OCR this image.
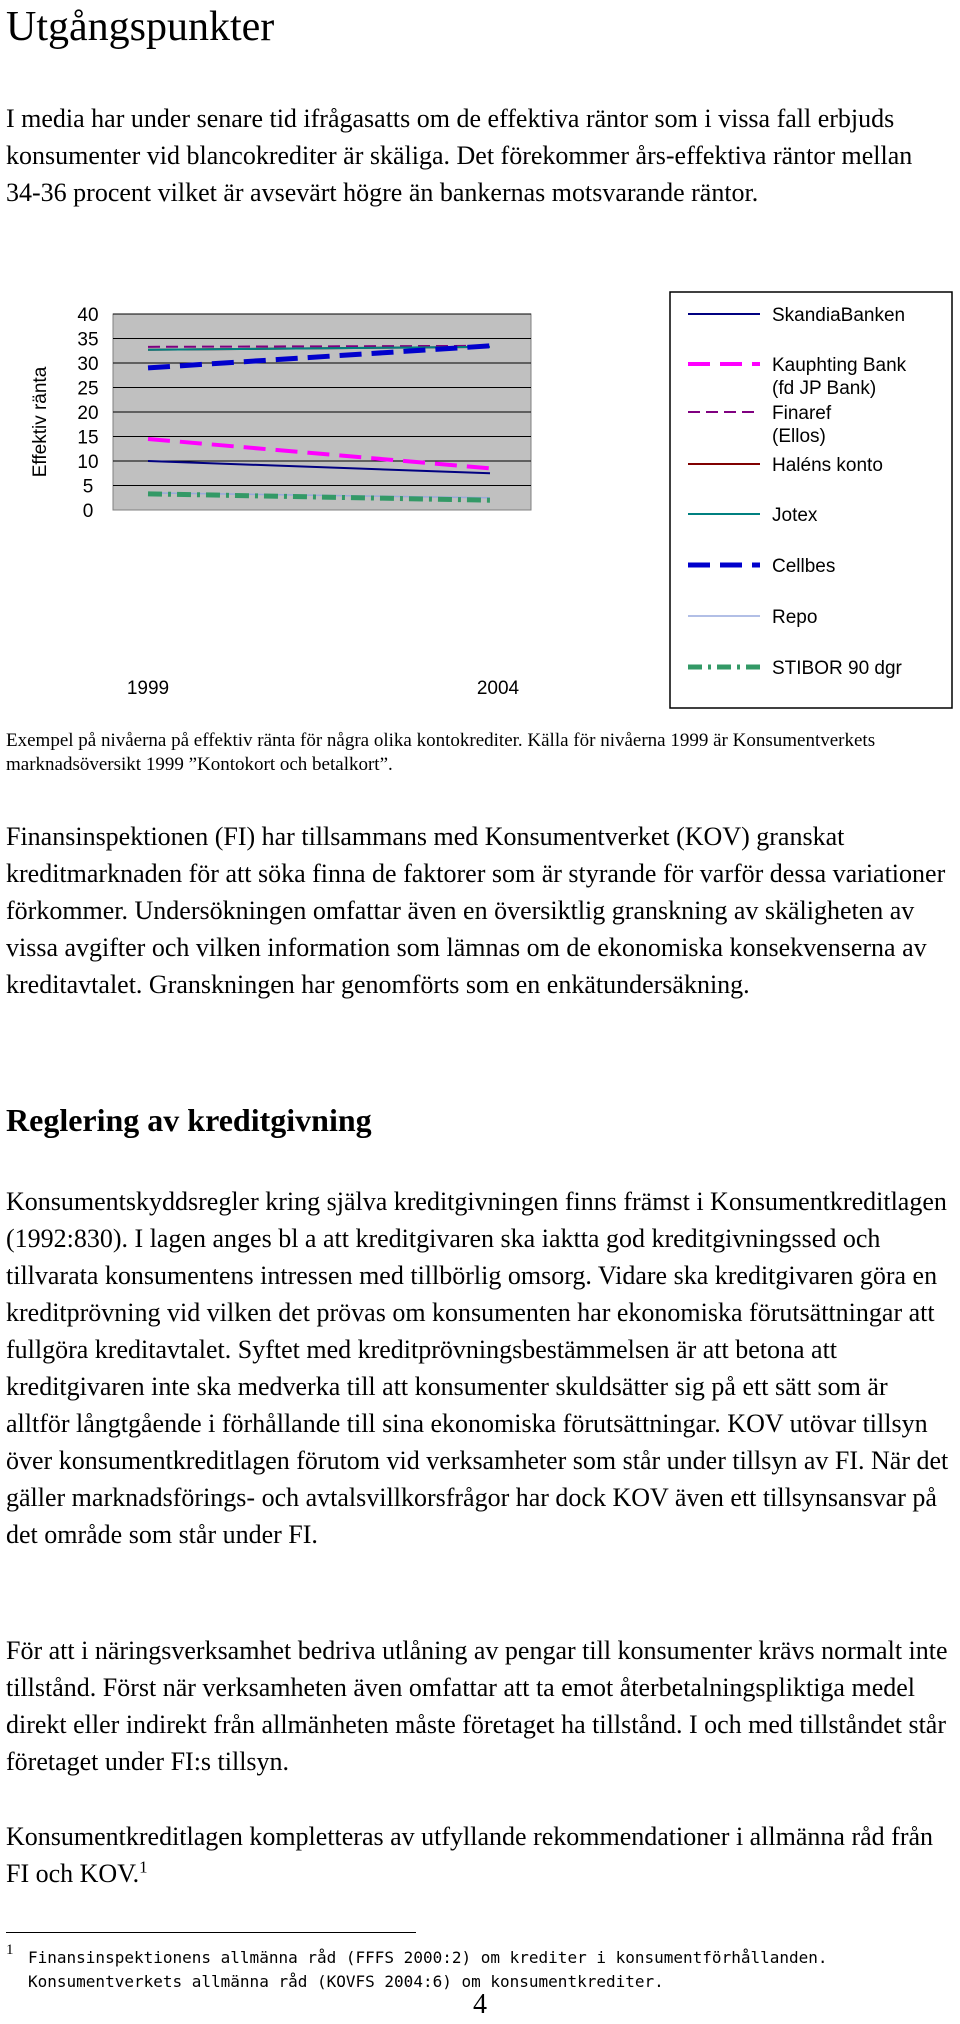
Utgångspunkter
I media har under senare tid ifrågasatts om de effektiva räntor som i vissa fall erbjuds konsumenter vid blancokrediter är skäliga. Det förekommer års-effektiva räntor mellan 34-36 procent vilket är avsevärt högre än bankernas motsvarande räntor.
0
5
10
15
20
25
30
35
40
1999	2004
SkandiaBanken
Kauphting Bank
(fd JP Bank)
Finaref
(Ellos)
Haléns konto
Jotex
Cellbes
Repo
STIBOR 90 dgr
Effektiv ränta
Exempel på nivåerna på effektiv ränta för några olika kontokrediter. Källa för nivåerna 1999 är Konsumentverkets marknadsöversikt 1999 ”Kontokort och betalkort”.
Finansinspektionen (FI) har tillsammans med Konsumentverket (KOV) granskat kreditmarknaden för att söka finna de faktorer som är styrande för varför dessa variationer förkommer. Undersökningen omfattar även en översiktlig granskning av skäligheten av vissa avgifter och vilken information som lämnas om de ekonomiska konsekvenserna av kreditavtalet. Granskningen har genomförts som en enkätundersäkning.
Reglering av kreditgivning
Konsumentskyddsregler kring själva kreditgivningen finns främst i Konsumentkreditlagen (1992:830). I lagen anges bl a att kreditgivaren ska iaktta god kreditgivningssed och tillvarata konsumentens intressen med tillbörlig omsorg. Vidare ska kreditgivaren göra en kreditprövning vid vilken det prövas om konsumenten har ekonomiska förutsättningar att fullgöra kreditavtalet. Syftet med kreditprövningsbestämmelsen är att betona att kreditgivaren inte ska medverka till att konsumenter skuldsätter sig på ett sätt som är alltför långtgående i förhållande till sina ekonomiska förutsättningar. KOV utövar tillsyn över konsumentkreditlagen förutom vid verksamheter som står under tillsyn av FI. När det gäller marknadsförings- och avtalsvillkorsfrågor har dock KOV även ett tillsynsansvar på det område som står under FI.
För att i näringsverksamhet bedriva utlåning av pengar till konsumenter krävs normalt inte tillstånd. Först när verksamheten även omfattar att ta emot återbetalningspliktiga medel direkt eller indirekt från allmänheten måste företaget ha tillstånd. I och med tillståndet står företaget under FI:s tillsyn.
Konsumentkreditlagen kompletteras av utfyllande rekommendationer i allmänna råd från FI och KOV.$^1$
1 Finansinspektionens allmänna råd (FFFS 2000:2) om krediter i konsumentförhållanden.
Konsumentverkets allmänna råd (KOVFS 2004:6) om konsumentkrediter.
4
